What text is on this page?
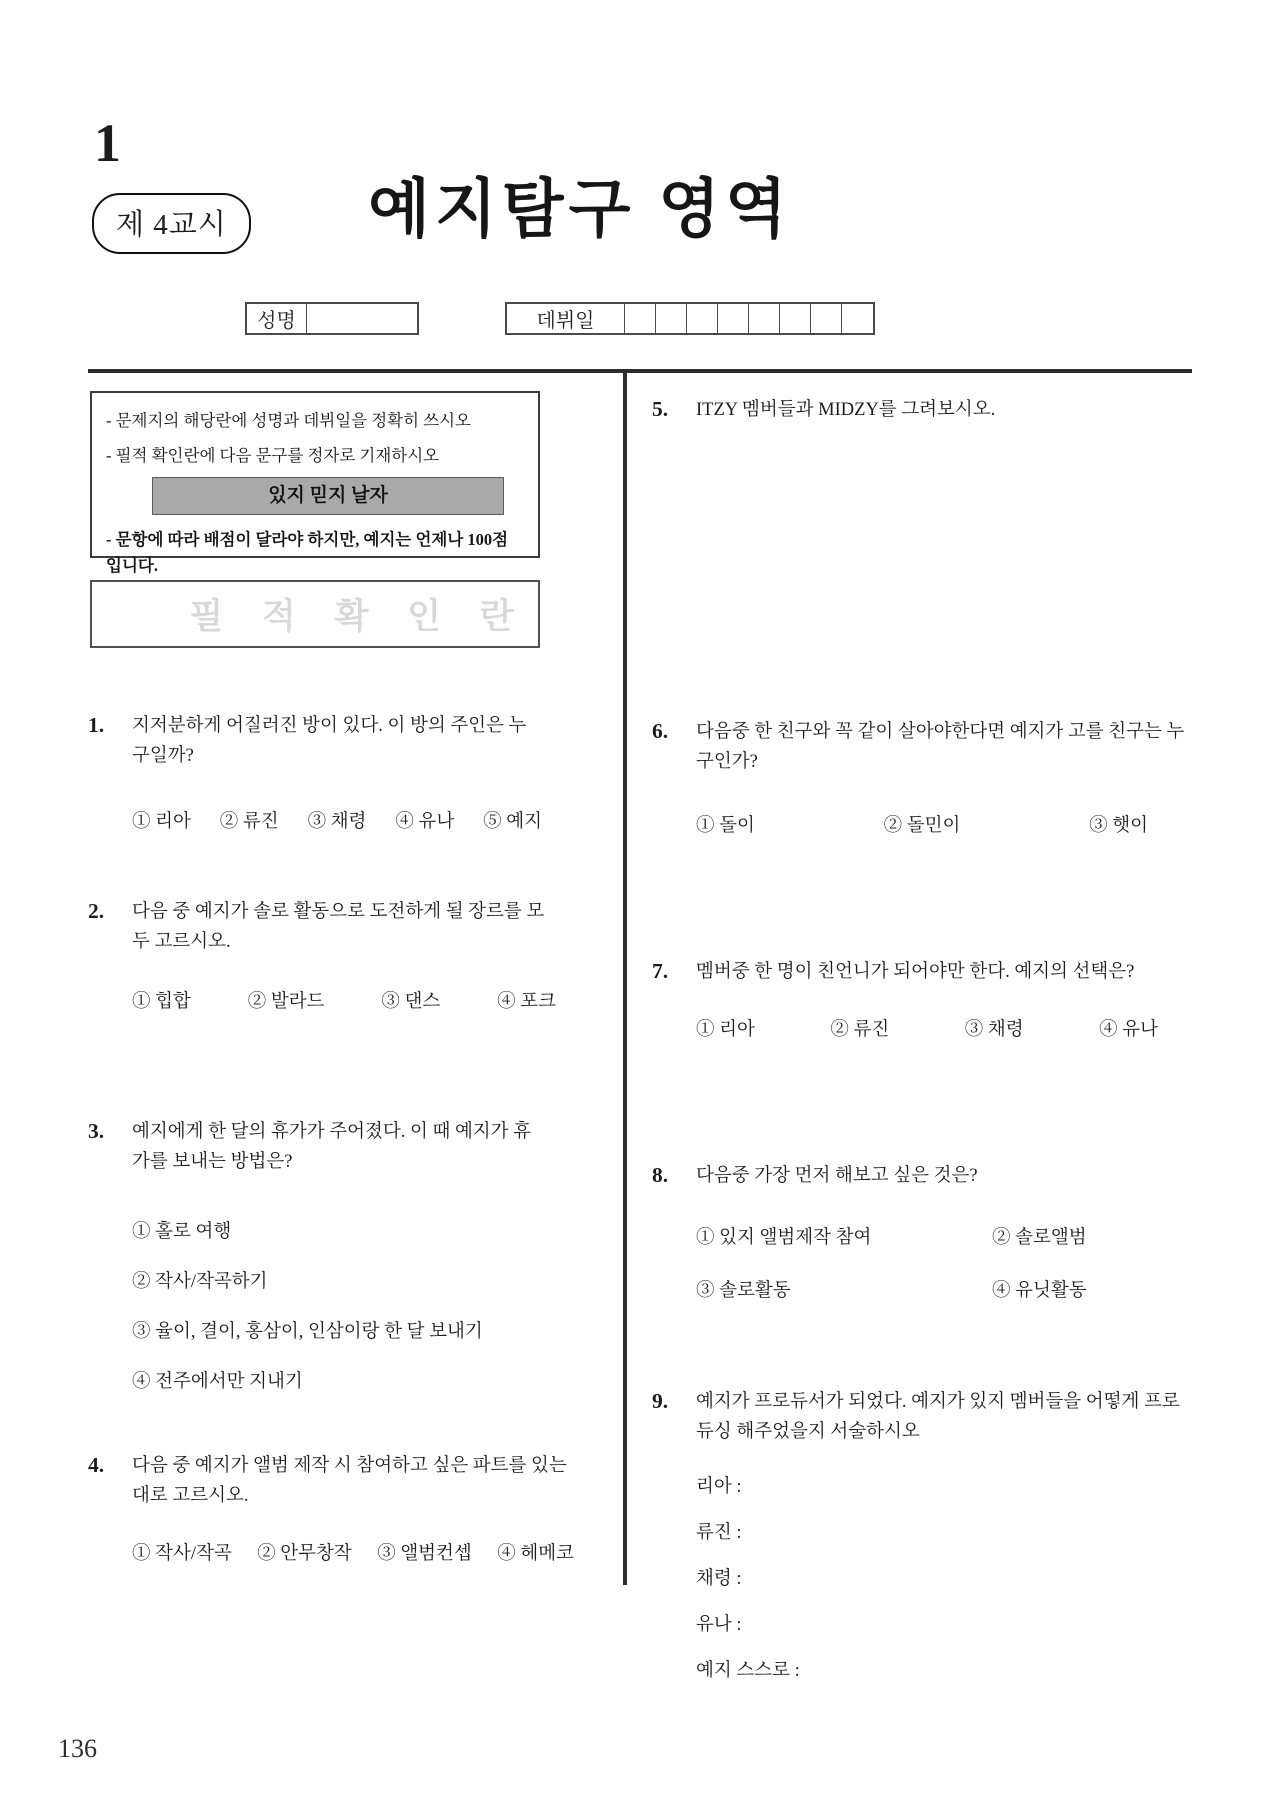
1
제 4교시	예지탐구 영역
성명	데뷔일
- 문제지의 해당란에 성명과 데뷔일을 정확히 쓰시오
- 필적 확인란에 다음 문구를 정자로 기재하시오
있지 믿지 날자
- 문항에 따라 배점이 달라야 하지만, 예지는 언제나 100점입니다.
필 적 확 인 란
1.	지저분하게 어질러진 방이 있다. 이 방의 주인은 누구일까?
① 리아 ② 류진 ③ 채령 ④ 유나 ⑤ 예지
2.	다음 중 예지가 솔로 활동으로 도전하게 될 장르를 모두 고르시오.
① 힙합	② 발라드	③ 댄스	④ 포크
3.	예지에게 한 달의 휴가가 주어졌다. 이 때 예지가 휴가를 보내는 방법은?
① 홀로 여행
② 작사/작곡하기
③ 율이, 결이, 홍삼이, 인삼이랑 한 달 보내기
④ 전주에서만 지내기
4.	다음 중 예지가 앨범 제작 시 참여하고 싶은 파트를 있는 대로 고르시오.
① 작사/작곡 ② 안무창작 ③ 앨범컨셉 ④ 헤메코
5.	ITZY 멤버들과 MIDZY를 그려보시오.
6.	다음중 한 친구와 꼭 같이 살아야한다면 예지가 고를 친구는 누구인가?
① 돌이	② 돌민이	③ 햇이
7.	멤버중 한 명이 친언니가 되어야만 한다. 예지의 선택은?
① 리아	② 류진	③ 채령	④ 유나
8.	다음중 가장 먼저 해보고 싶은 것은?
① 있지 앨범제작 참여	② 솔로앨범
③ 솔로활동	④ 유닛활동
9.	예지가 프로듀서가 되었다. 예지가 있지 멤버들을 어떻게 프로듀싱 해주었을지 서술하시오
리아 :
류진 :
채령 :
유나 :
예지 스스로 :
136
